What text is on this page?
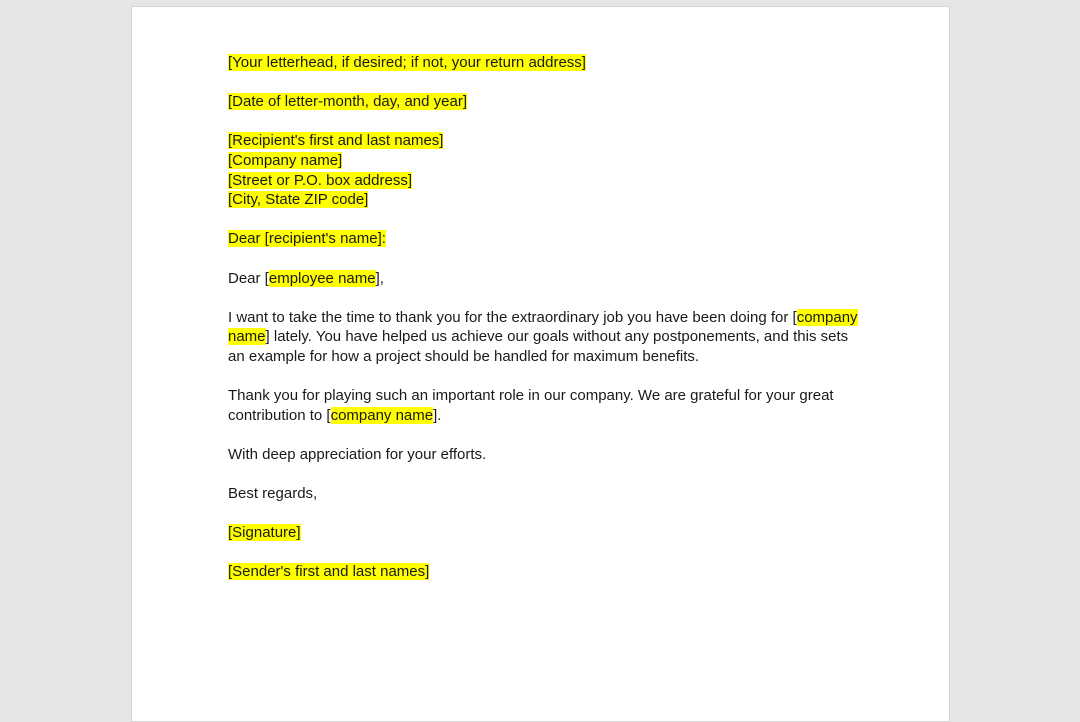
[Your letterhead, if desired; if not, your return address]

[Date of letter-month, day, and year]

[Recipient's first and last names]
[Company name]
[Street or P.O. box address]
[City, State ZIP code]

Dear [recipient's name]:

Dear [employee name],

I want to take the time to thank you for the extraordinary job you have been doing for [company name] lately. You have helped us achieve our goals without any postponements, and this sets an example for how a project should be handled for maximum benefits.

Thank you for playing such an important role in our company. We are grateful for your great contribution to [company name].

With deep appreciation for your efforts.

Best regards,

[Signature]

[Sender's first and last names]
